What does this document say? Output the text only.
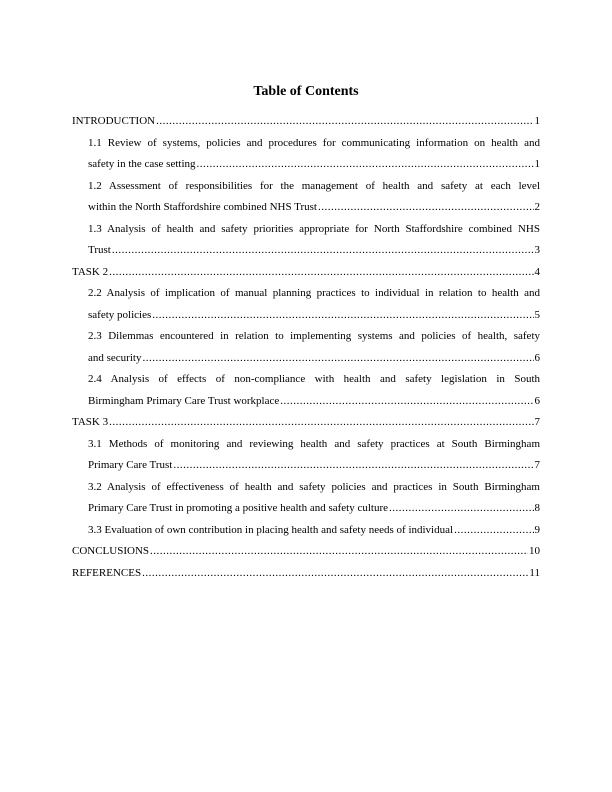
Table of Contents
INTRODUCTION .....	1
1.1 Review of systems, policies and procedures for communicating information on health and
safety in the case setting .....	1
1.2 Assessment of responsibilities for the management of health and safety at each level
within the North Staffordshire combined NHS Trust .....	2
1.3 Analysis of health and safety priorities appropriate for North Staffordshire combined NHS
Trust .....	3
TASK 2 .....	4
2.2 Analysis of implication of manual planning practices to individual in relation to health and
safety policies .....	5
2.3 Dilemmas encountered in relation to implementing systems and policies of health, safety
and security .....	6
2.4 Analysis of effects of non-compliance with health and safety legislation in South
Birmingham Primary Care Trust workplace .....	6
TASK 3 .....	7
3.1 Methods of monitoring and reviewing health and safety practices at South Birmingham
Primary Care Trust .....	7
3.2 Analysis of effectiveness of health and safety policies and practices in South Birmingham
Primary Care Trust in promoting a positive health and safety culture .....	8
3.3 Evaluation of own contribution in placing health and safety needs of individual .....	9
CONCLUSIONS .....	10
REFERENCES .....	11
